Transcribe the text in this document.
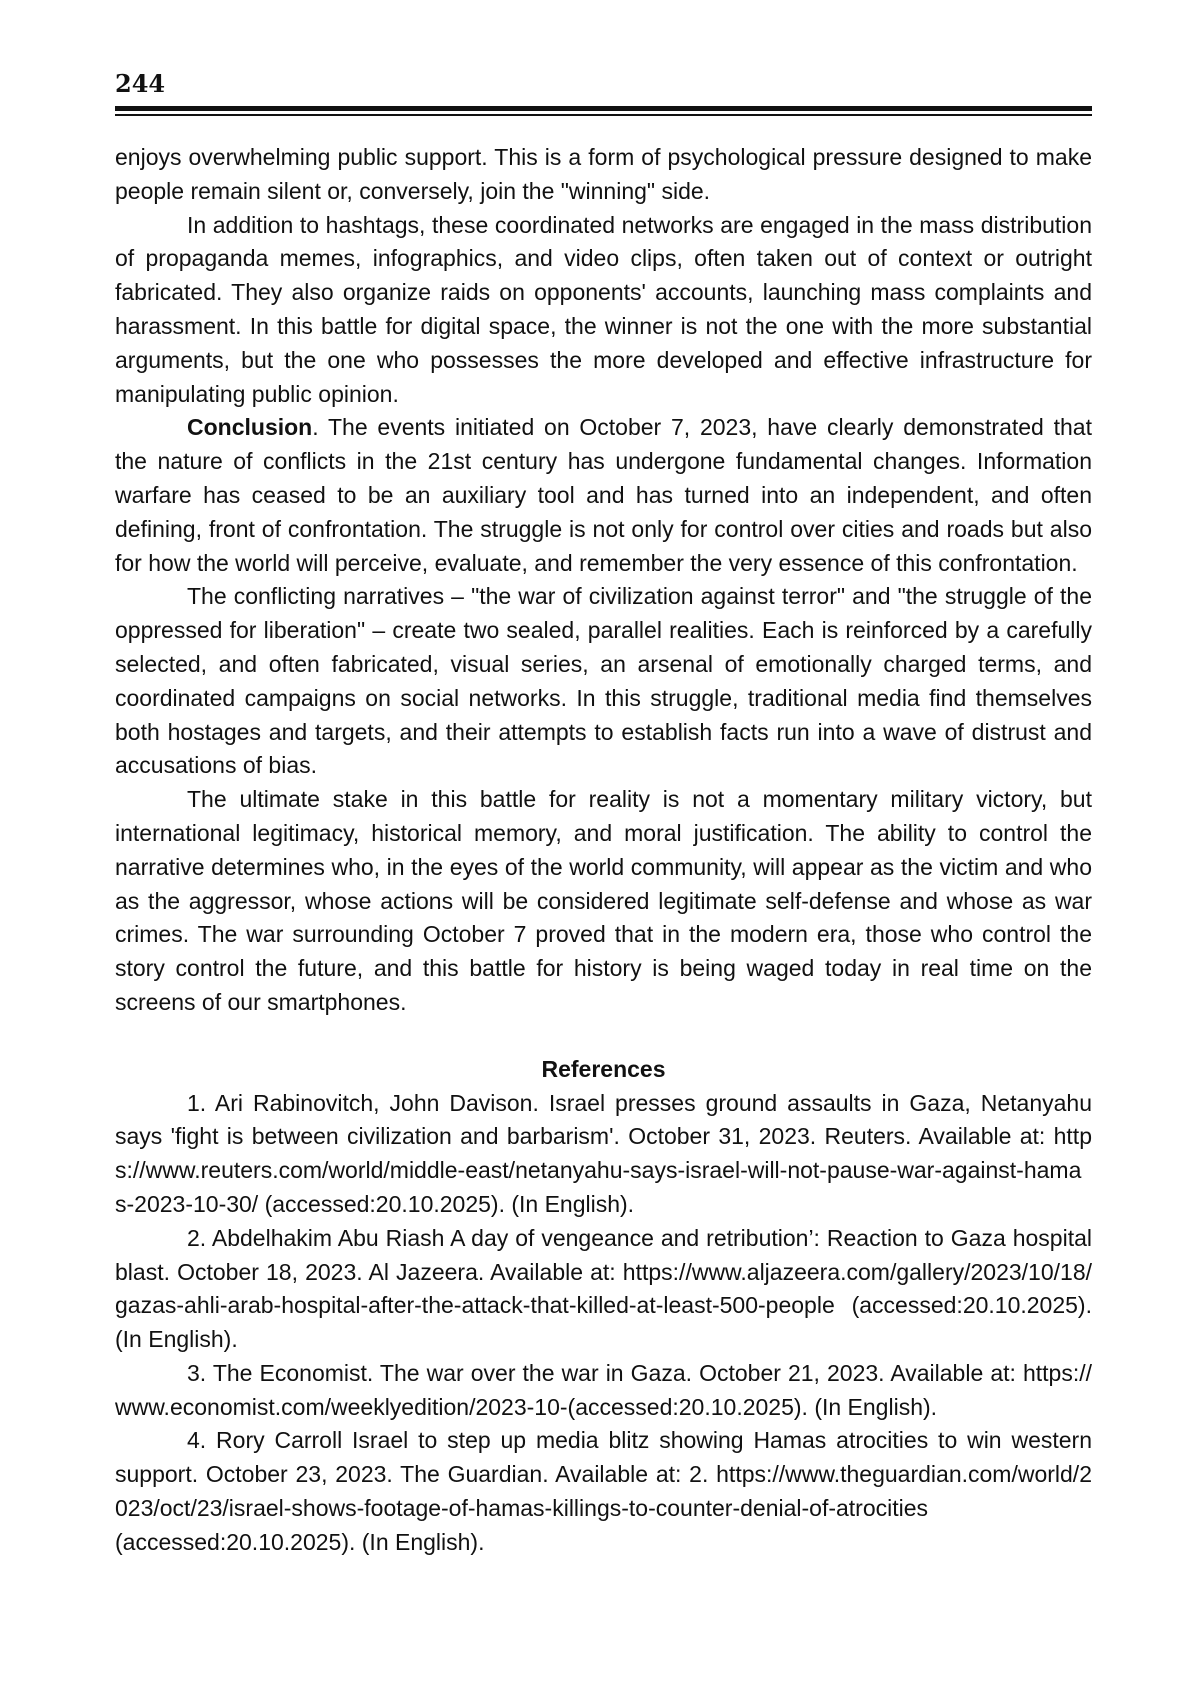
244

enjoys overwhelming public support. This is a form of psychological pressure designed to make people remain silent or, conversely, join the "winning" side.

In addition to hashtags, these coordinated networks are engaged in the mass distribution of propaganda memes, infographics, and video clips, often taken out of context or outright fabricated. They also organize raids on opponents' accounts, launching mass complaints and harassment. In this battle for digital space, the winner is not the one with the more substantial arguments, but the one who possesses the more developed and effective infrastructure for manipulating public opinion.

Conclusion. The events initiated on October 7, 2023, have clearly demonstrated that the nature of conflicts in the 21st century has undergone fundamental changes. Information warfare has ceased to be an auxiliary tool and has turned into an independent, and often defining, front of confrontation. The struggle is not only for control over cities and roads but also for how the world will perceive, evaluate, and remember the very essence of this confrontation.

The conflicting narratives – "the war of civilization against terror" and "the struggle of the oppressed for liberation" – create two sealed, parallel realities. Each is reinforced by a carefully selected, and often fabricated, visual series, an arsenal of emotionally charged terms, and coordinated campaigns on social networks. In this struggle, traditional media find themselves both hostages and targets, and their attempts to establish facts run into a wave of distrust and accusations of bias.

The ultimate stake in this battle for reality is not a momentary military victory, but international legitimacy, historical memory, and moral justification. The ability to control the narrative determines who, in the eyes of the world community, will appear as the victim and who as the aggressor, whose actions will be considered legitimate self-defense and whose as war crimes. The war surrounding October 7 proved that in the modern era, those who control the story control the future, and this battle for history is being waged today in real time on the screens of our smartphones.

References

1. Ari Rabinovitch, John Davison. Israel presses ground assaults in Gaza, Netanyahu says 'fight is between civilization and barbarism'. October 31, 2023. Reuters. Available at: https://www.reuters.com/world/middle-east/netanyahu-says-israel-will-not-pause-war-against-hamas-2023-10-30/ (accessed:20.10.2025). (In English).

2. Abdelhakim Abu Riash A day of vengeance and retribution’: Reaction to Gaza hospital blast. October 18, 2023. Al Jazeera. Available at: https://www.aljazeera.com/gallery/2023/10/18/gazas-ahli-arab-hospital-after-the-attack-that-killed-at-least-500-people (accessed:20.10.2025). (In English).

3. The Economist. The war over the war in Gaza. October 21, 2023. Available at: https://www.economist.com/weeklyedition/2023-10-(accessed:20.10.2025). (In English).

4. Rory Carroll Israel to step up media blitz showing Hamas atrocities to win western support. October 23, 2023. The Guardian. Available at: 2. https://www.theguardian.com/world/2023/oct/23/israel-shows-footage-of-hamas-killings-to-counter-denial-of-atrocities (accessed:20.10.2025). (In English).
